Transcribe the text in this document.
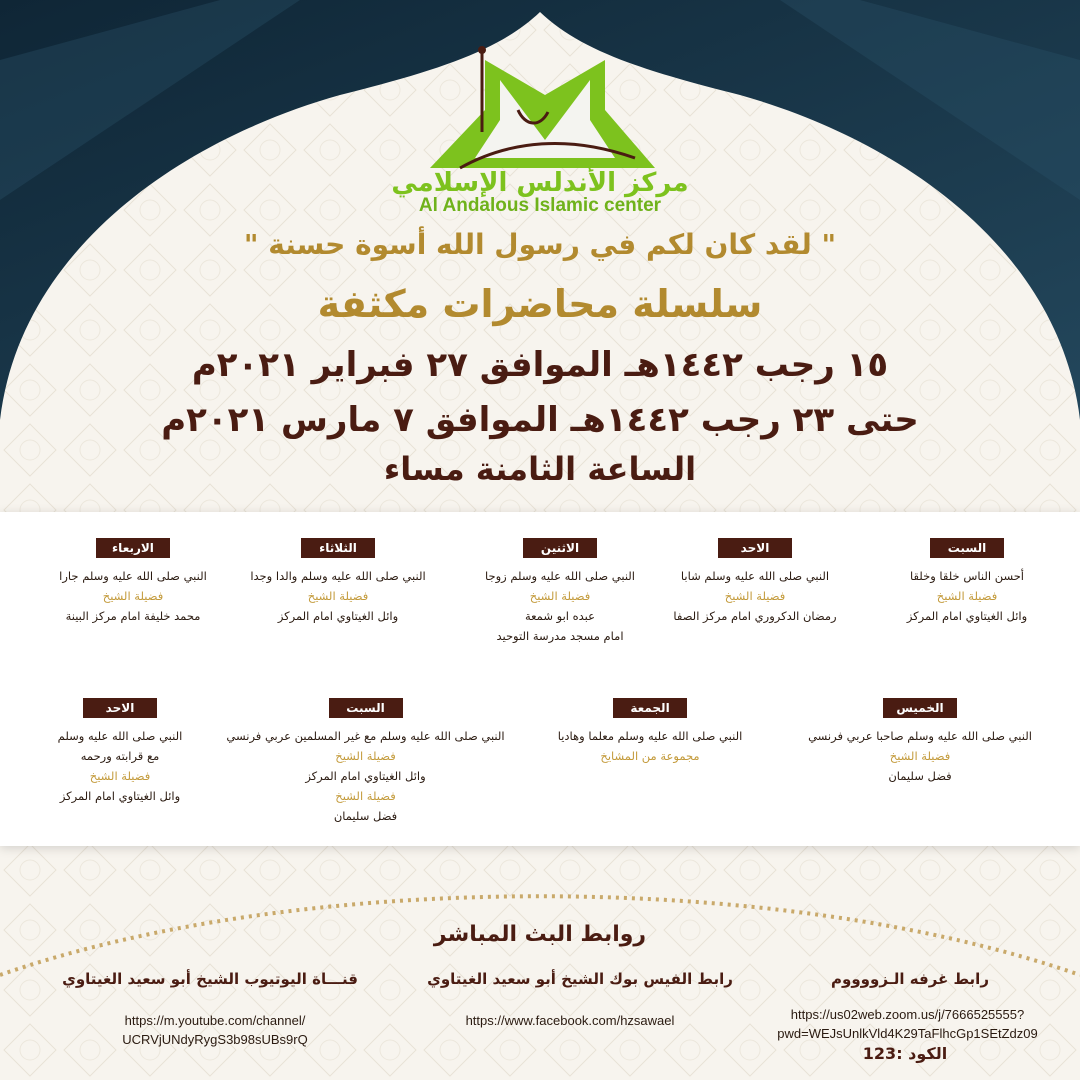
مركز الأندلس الإسلامي
Al Andalous Islamic center
" لقد كان لكم في رسول الله أسوة حسنة "
سلسلة محاضرات مكثفة
١٥ رجب ١٤٤٢هـ الموافق ٢٧ فبراير ٢٠٢١م
حتى ٢٣ رجب ١٤٤٢هـ الموافق ٧ مارس ٢٠٢١م
الساعة الثامنة مساء
السبت
أحسن الناس خلقا وخلقا
فضيلة الشيخ
وائل الغيتاوي امام المركز
الاحد
النبي صلى الله عليه وسلم شابا
فضيلة الشيخ
رمضان الدكروري امام مركز الصفا
الاثنين
النبي صلى الله عليه وسلم زوجا
فضيلة الشيخ
عبده ابو شمعة
امام مسجد مدرسة التوحيد
الثلاثاء
النبي صلى الله عليه وسلم والدا وجدا
فضيلة الشيخ
وائل الغيتاوي امام المركز
الاربعاء
النبي صلى الله عليه وسلم جارا
فضيلة الشيخ
محمد خليفة امام مركز البينة
الخميس
النبي صلى الله عليه وسلم صاحبا عربي فرنسي
فضيلة الشيخ
فضل سليمان
الجمعة
النبي صلى الله عليه وسلم معلما وهاديا
مجموعة من المشايخ
السبت
النبي صلى الله عليه وسلم مع غير المسلمين عربي فرنسي
فضيلة الشيخ
وائل الغيتاوي امام المركز
فضيلة الشيخ
فضل سليمان
الاحد
النبي صلى الله عليه وسلم
مع قرابته ورحمه
فضيلة الشيخ
وائل الغيتاوي امام المركز
روابط البث المباشر
رابط غرفه الـزووووم
رابط الفيس بوك الشيخ أبو سعيد الغيتاوي
قنـــاة اليوتيوب الشيخ أبو سعيد الغيتاوي
https://us02web.zoom.us/j/7666525555?
pwd=WEJsUnlkVld4K29TaFlhcGp1SEtZdz09
الكود :123
https://www.facebook.com/hzsawael
https://m.youtube.com/channel/
UCRVjUNdyRygS3b98sUBs9rQ
